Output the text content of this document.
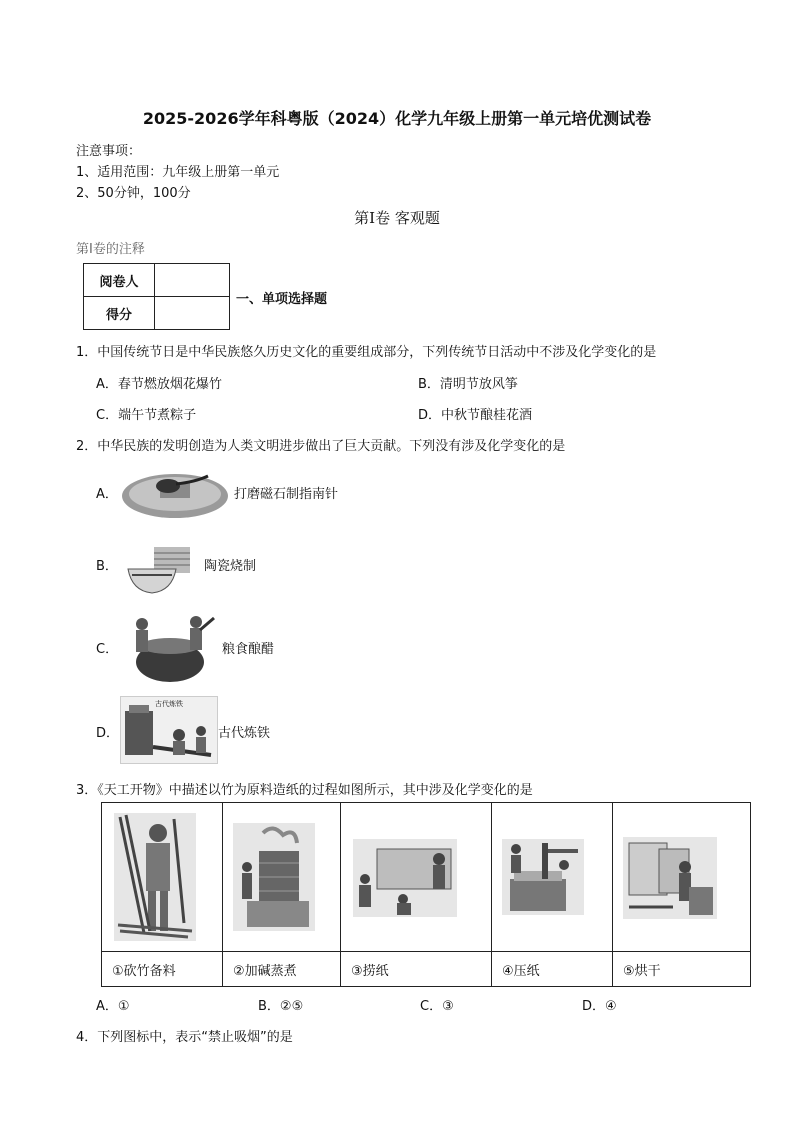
2025-2026学年科粤版（2024）化学九年级上册第一单元培优测试卷
注意事项：
1、适用范围：九年级上册第一单元
2、50分钟，100分
第Ⅰ卷 客观题
第Ⅰ卷的注释
阅卷人	
得分	
一、单项选择题
1．中国传统节日是中华民族悠久历史文化的重要组成部分，下列传统节日活动中不涉及化学变化的是
A．春节燃放烟花爆竹	B．清明节放风筝
C．端午节煮粽子	D．中秋节酿桂花酒
2．中华民族的发明创造为人类文明进步做出了巨大贡献。下列没有涉及化学变化的是
A．	打磨磁石制指南针
B．	陶瓷烧制
C．	粮食酿醋
D．
古代炼铁
古代炼铁
3．《天工开物》中描述以竹为原料造纸的过程如图所示，其中涉及化学变化的是

①砍竹备料	②加碱蒸煮	③捞纸	④压纸	⑤烘干
A．①	B．②⑤	C．③	D．④
4．下列图标中，表示“禁止吸烟”的是
